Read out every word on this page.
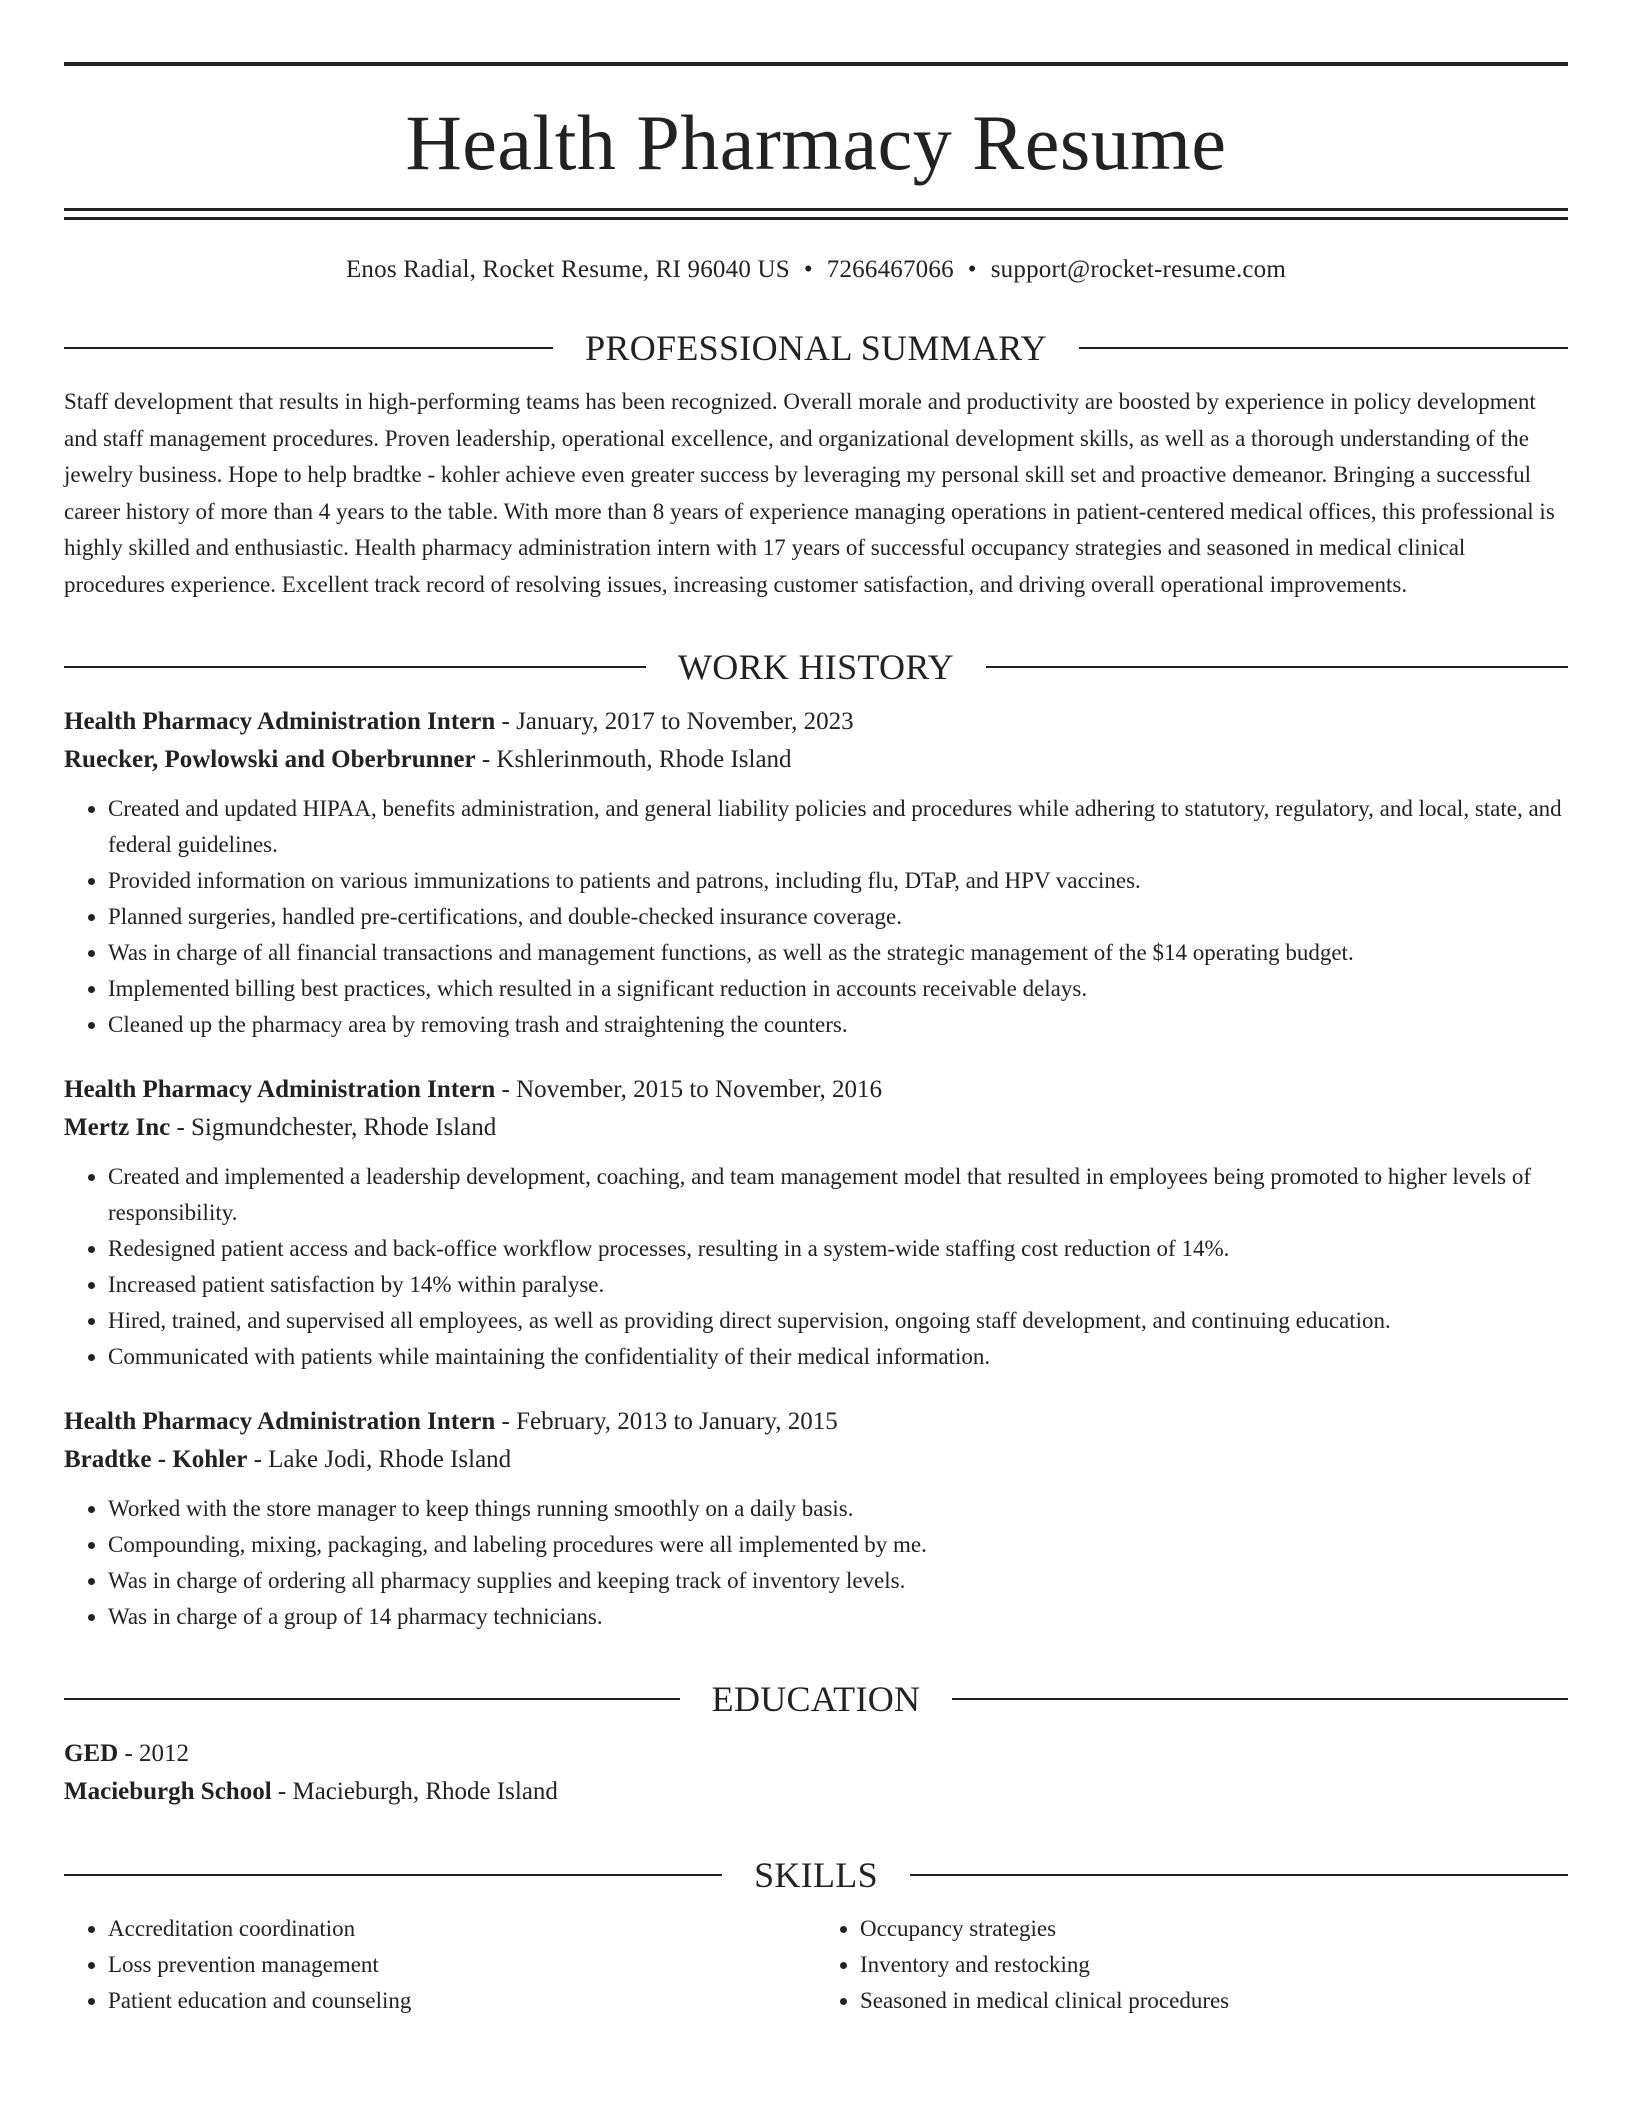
Health Pharmacy Resume
Enos Radial, Rocket Resume, RI 96040 US • 7266467066 • support@rocket-resume.com
PROFESSIONAL SUMMARY

Staff development that results in high-performing teams has been recognized. Overall morale and productivity are boosted by experience in policy development and staff management procedures. Proven leadership, operational excellence, and organizational development skills, as well as a thorough understanding of the jewelry business. Hope to help bradtke - kohler achieve even greater success by leveraging my personal skill set and proactive demeanor. Bringing a successful career history of more than 4 years to the table. With more than 8 years of experience managing operations in patient-centered medical offices, this professional is highly skilled and enthusiastic. Health pharmacy administration intern with 17 years of successful occupancy strategies and seasoned in medical clinical procedures experience. Excellent track record of resolving issues, increasing customer satisfaction, and driving overall operational improvements.

WORK HISTORY
Health Pharmacy Administration Intern - January, 2017 to November, 2023
Ruecker, Powlowski and Oberbrunner - Kshlerinmouth, Rhode Island
• Created and updated HIPAA, benefits administration, and general liability policies and procedures while adhering to statutory, regulatory, and local, state, and federal guidelines.
• Provided information on various immunizations to patients and patrons, including flu, DTaP, and HPV vaccines.
• Planned surgeries, handled pre-certifications, and double-checked insurance coverage.
• Was in charge of all financial transactions and management functions, as well as the strategic management of the $14 operating budget.
• Implemented billing best practices, which resulted in a significant reduction in accounts receivable delays.
• Cleaned up the pharmacy area by removing trash and straightening the counters.
Health Pharmacy Administration Intern - November, 2015 to November, 2016
Mertz Inc - Sigmundchester, Rhode Island
• Created and implemented a leadership development, coaching, and team management model that resulted in employees being promoted to higher levels of responsibility.
• Redesigned patient access and back-office workflow processes, resulting in a system-wide staffing cost reduction of 14%.
• Increased patient satisfaction by 14% within paralyse.
• Hired, trained, and supervised all employees, as well as providing direct supervision, ongoing staff development, and continuing education.
• Communicated with patients while maintaining the confidentiality of their medical information.
Health Pharmacy Administration Intern - February, 2013 to January, 2015
Bradtke - Kohler - Lake Jodi, Rhode Island
• Worked with the store manager to keep things running smoothly on a daily basis.
• Compounding, mixing, packaging, and labeling procedures were all implemented by me.
• Was in charge of ordering all pharmacy supplies and keeping track of inventory levels.
• Was in charge of a group of 14 pharmacy technicians.
EDUCATION
GED - 2012
Macieburgh School - Macieburgh, Rhode Island
SKILLS
• Accreditation coordination
• Loss prevention management
• Patient education and counseling
• Occupancy strategies
• Inventory and restocking
• Seasoned in medical clinical procedures
